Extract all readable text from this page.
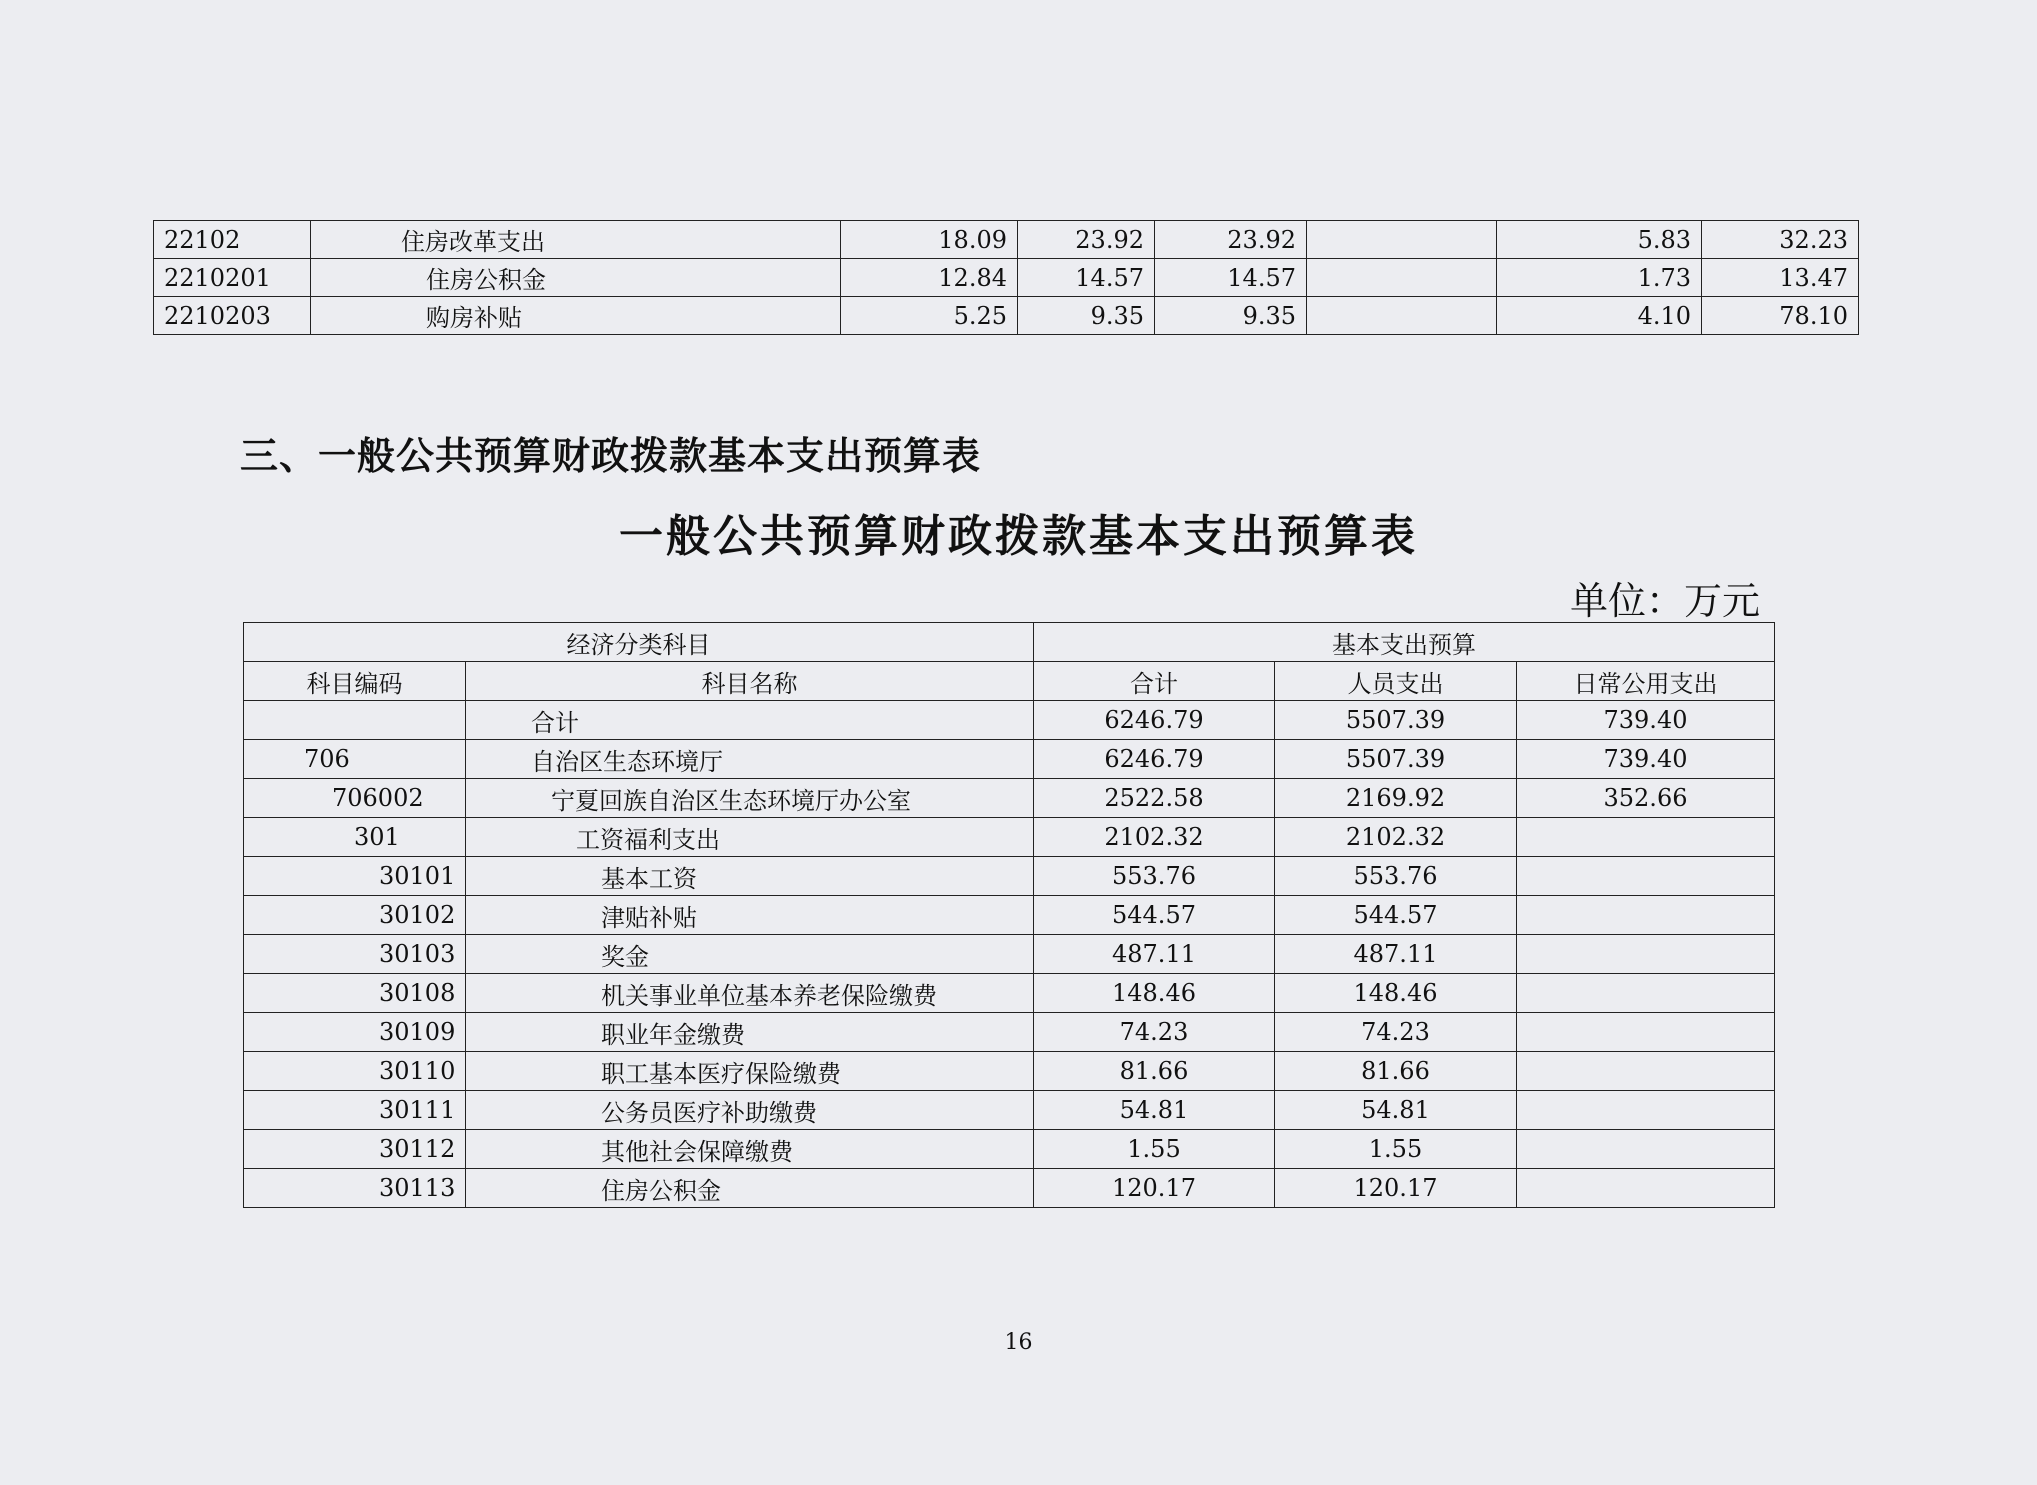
22102	住房改革支出	18.09	23.92	23.92		5.83	32.23
2210201	住房公积金	12.84	14.57	14.57		1.73	13.47
2210203	购房补贴	5.25	9.35	9.35		4.10	78.10
三、一般公共预算财政拨款基本支出预算表
一般公共预算财政拨款基本支出预算表
单位：万元
经济分类科目		基本支出预算		
科目编码	科目名称	合计	人员支出	日常公用支出
	合计	6246.79	5507.39	739.40
706	自治区生态环境厅	6246.79	5507.39	739.40
706002	宁夏回族自治区生态环境厅办公室	2522.58	2169.92	352.66
301	工资福利支出	2102.32	2102.32	
30101	基本工资	553.76	553.76	
30102	津贴补贴	544.57	544.57	
30103	奖金	487.11	487.11	
30108	机关事业单位基本养老保险缴费	148.46	148.46	
30109	职业年金缴费	74.23	74.23	
30110	职工基本医疗保险缴费	81.66	81.66	
30111	公务员医疗补助缴费	54.81	54.81	
30112	其他社会保障缴费	1.55	1.55	
30113	住房公积金	120.17	120.17	
16
